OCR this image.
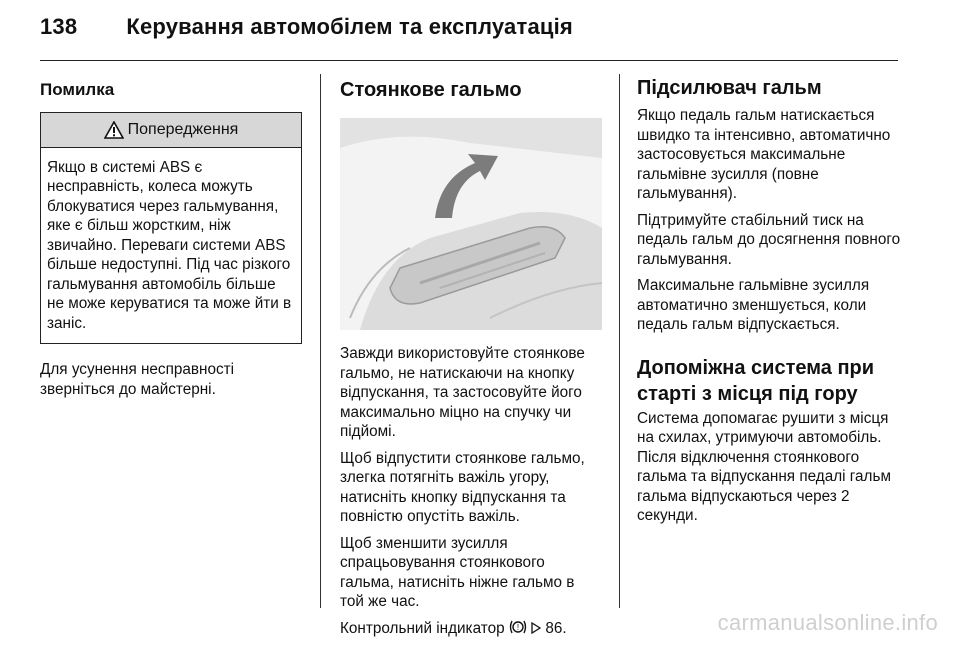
138 Керування автомобілем та експлуатація
Помилка
Попередження
Якщо в системі ABS є несправність, колеса можуть блокуватися через гальмування, яке є більш жорстким, ніж звичайно. Переваги системи ABS більше недоступні. Під час різкого гальмування автомобіль більше не може керуватися та може йти в заніс.

Для усунення несправності зверніться до майстерні.

Стоянкове гальмо

Завжди використовуйте стоянкове гальмо, не натискаючи на кнопку відпускання, та застосовуйте його максимально міцно на спучку чи підйомі.

Щоб відпустити стоянкове гальмо, злегка потягніть важіль угору, натисніть кнопку відпускання та повністю опустіть важіль.

Щоб зменшити зусилля спрацьовування стоянкового гальма, натисніть ніжне гальмо в той же час.

Контрольний індикатор ! 86.

Підсилювач гальм

Якщо педаль гальм натискається швидко та інтенсивно, автоматично застосовується максимальне гальмівне зусилля (повне гальмування).

Підтримуйте стабільний тиск на педаль гальм до досягнення повного гальмування.

Максимальне гальмівне зусилля автоматично зменшується, коли педаль гальм відпускається.

Допоміжна система при старті з місця під гору

Система допомагає рушити з місця на схилах, утримуючи автомобіль. Після відключення стоянкового гальма та відпускання педалі гальм гальма відпускаються через 2 секунди.

carmanualsonline.info
